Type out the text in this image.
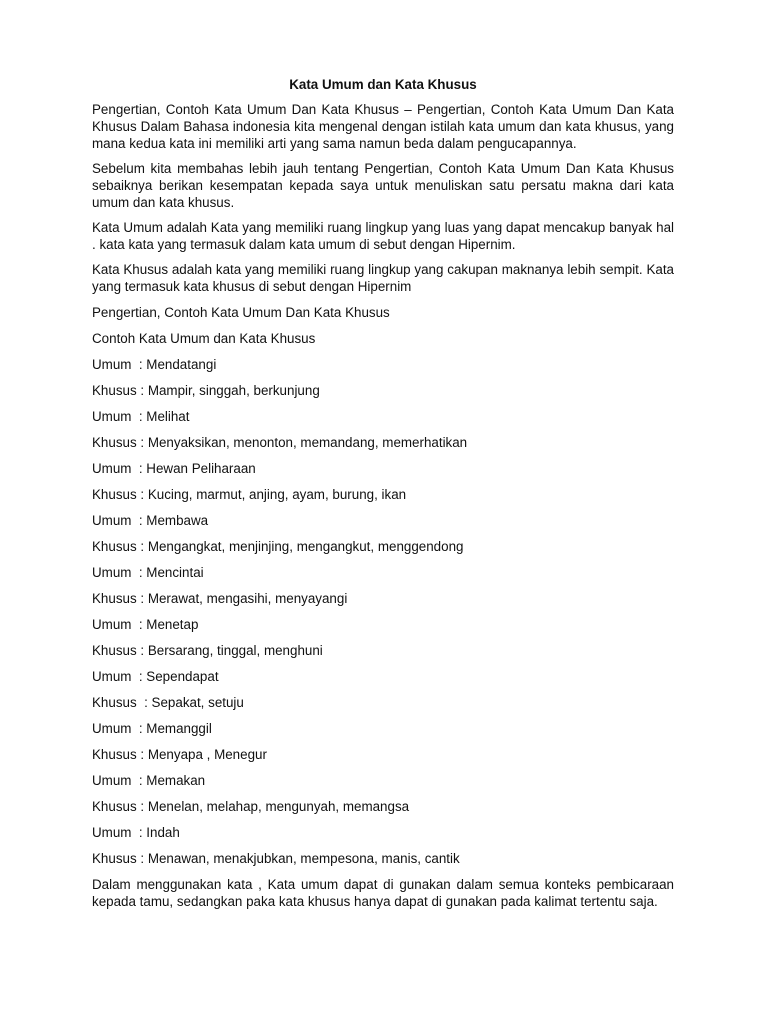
Kata Umum dan Kata Khusus

Pengertian, Contoh Kata Umum Dan Kata Khusus – Pengertian, Contoh Kata Umum Dan Kata Khusus Dalam Bahasa indonesia kita mengenal dengan istilah kata umum dan kata khusus, yang mana kedua kata ini memiliki arti yang sama namun beda dalam pengucapannya.

Sebelum kita membahas lebih jauh tentang Pengertian, Contoh Kata Umum Dan Kata Khusus sebaiknya berikan kesempatan kepada saya untuk menuliskan satu persatu makna dari kata umum dan kata khusus.

Kata Umum adalah Kata yang memiliki ruang lingkup yang luas yang dapat mencakup banyak hal . kata kata yang termasuk dalam kata umum di sebut dengan Hipernim.

Kata Khusus adalah kata yang memiliki ruang lingkup yang cakupan maknanya lebih sempit. Kata yang termasuk kata khusus di sebut dengan Hipernim

Pengertian, Contoh Kata Umum Dan Kata Khusus
Contoh Kata Umum dan Kata Khusus
Umum  : Mendatangi
Khusus : Mampir, singgah, berkunjung
Umum  : Melihat
Khusus : Menyaksikan, menonton, memandang, memerhatikan
Umum  : Hewan Peliharaan
Khusus : Kucing, marmut, anjing, ayam, burung, ikan
Umum  : Membawa
Khusus : Mengangkat, menjinjing, mengangkut, menggendong
Umum  : Mencintai
Khusus : Merawat, mengasihi, menyayangi
Umum  : Menetap
Khusus : Bersarang, tinggal, menghuni
Umum  : Sependapat
Khusus  : Sepakat, setuju
Umum  : Memanggil
Khusus : Menyapa , Menegur
Umum  : Memakan
Khusus : Menelan, melahap, mengunyah, memangsa
Umum  : Indah
Khusus : Menawan, menakjubkan, mempesona, manis, cantik

Dalam menggunakan kata , Kata umum dapat di gunakan dalam semua konteks pembicaraan kepada tamu, sedangkan paka kata khusus hanya dapat di gunakan pada kalimat tertentu saja.
